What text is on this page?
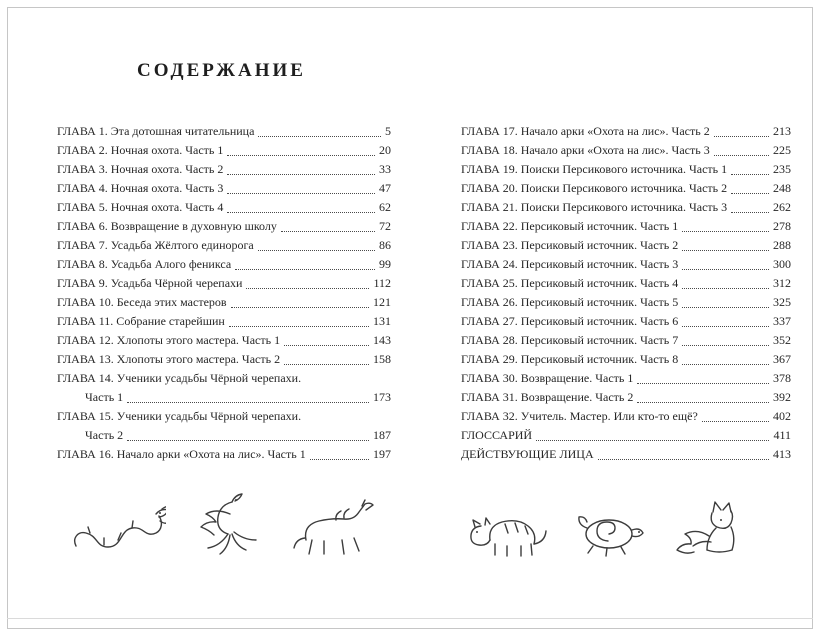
СОДЕРЖАНИЕ
ГЛАВА 1. Эта дотошная читательница	5
ГЛАВА 2. Ночная охота. Часть 1	20
ГЛАВА 3. Ночная охота. Часть 2	33
ГЛАВА 4. Ночная охота. Часть 3	47
ГЛАВА 5. Ночная охота. Часть 4	62
ГЛАВА 6. Возвращение в духовную школу	72
ГЛАВА 7. Усадьба Жёлтого единорога	86
ГЛАВА 8. Усадьба Алого феникса	99
ГЛАВА 9. Усадьба Чёрной черепахи	112
ГЛАВА 10. Беседа этих мастеров	121
ГЛАВА 11. Собрание старейшин	131
ГЛАВА 12. Хлопоты этого мастера. Часть 1	143
ГЛАВА 13. Хлопоты этого мастера. Часть 2	158
ГЛАВА 14. Ученики усадьбы Чёрной черепахи.
Часть 1	173
ГЛАВА 15. Ученики усадьбы Чёрной черепахи.
Часть 2	187
ГЛАВА 16. Начало арки «Охота на лис». Часть 1	197
ГЛАВА 17. Начало арки «Охота на лис». Часть 2	213
ГЛАВА 18. Начало арки «Охота на лис». Часть 3	225
ГЛАВА 19. Поиски Персикового источника. Часть 1	235
ГЛАВА 20. Поиски Персикового источника. Часть 2	248
ГЛАВА 21. Поиски Персикового источника. Часть 3	262
ГЛАВА 22. Персиковый источник. Часть 1	278
ГЛАВА 23. Персиковый источник. Часть 2	288
ГЛАВА 24. Персиковый источник. Часть 3	300
ГЛАВА 25. Персиковый источник. Часть 4	312
ГЛАВА 26. Персиковый источник. Часть 5	325
ГЛАВА 27. Персиковый источник. Часть 6	337
ГЛАВА 28. Персиковый источник. Часть 7	352
ГЛАВА 29. Персиковый источник. Часть 8	367
ГЛАВА 30. Возвращение. Часть 1	378
ГЛАВА 31. Возвращение. Часть 2	392
ГЛАВА 32. Учитель. Мастер. Или кто-то ещё?	402
ГЛОССАРИЙ	411
ДЕЙСТВУЮЩИЕ ЛИЦА	413
